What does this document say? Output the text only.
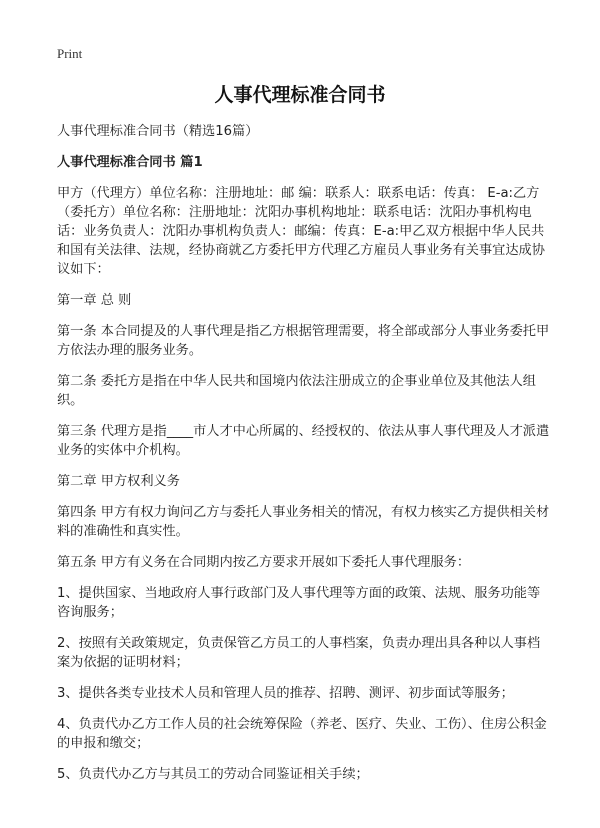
Print
人事代理标准合同书

人事代理标准合同书（精选16篇）

人事代理标准合同书 篇1

甲方（代理方）单位名称：注册地址：邮 编：联系人：联系电话：传真： E-a:乙方（委托方）单位名称：注册地址：沈阳办事机构地址：联系电话：沈阳办事机构电话：业务负责人：沈阳办事机构负责人：邮编：传真：E-a:甲乙双方根据中华人民共和国有关法律、法规，经协商就乙方委托甲方代理乙方雇员人事业务有关事宜达成协议如下：

第一章 总 则

第一条 本合同提及的人事代理是指乙方根据管理需要，将全部或部分人事业务委托甲方依法办理的服务业务。

第二条 委托方是指在中华人民共和国境内依法注册成立的企事业单位及其他法人组织。

第三条 代理方是指____市人才中心所属的、经授权的、依法从事人事代理及人才派遣业务的实体中介机构。

第二章 甲方权利义务

第四条 甲方有权力询问乙方与委托人事业务相关的情况，有权力核实乙方提供相关材料的准确性和真实性。

第五条 甲方有义务在合同期内按乙方要求开展如下委托人事代理服务：

1、提供国家、当地政府人事行政部门及人事代理等方面的政策、法规、服务功能等咨询服务；

2、按照有关政策规定，负责保管乙方员工的人事档案，负责办理出具各种以人事档案为依据的证明材料；

3、提供各类专业技术人员和管理人员的推荐、招聘、测评、初步面试等服务；

4、负责代办乙方工作人员的社会统筹保险（养老、医疗、失业、工伤）、住房公积金的申报和缴交；

5、负责代办乙方与其员工的劳动合同鉴证相关手续；
